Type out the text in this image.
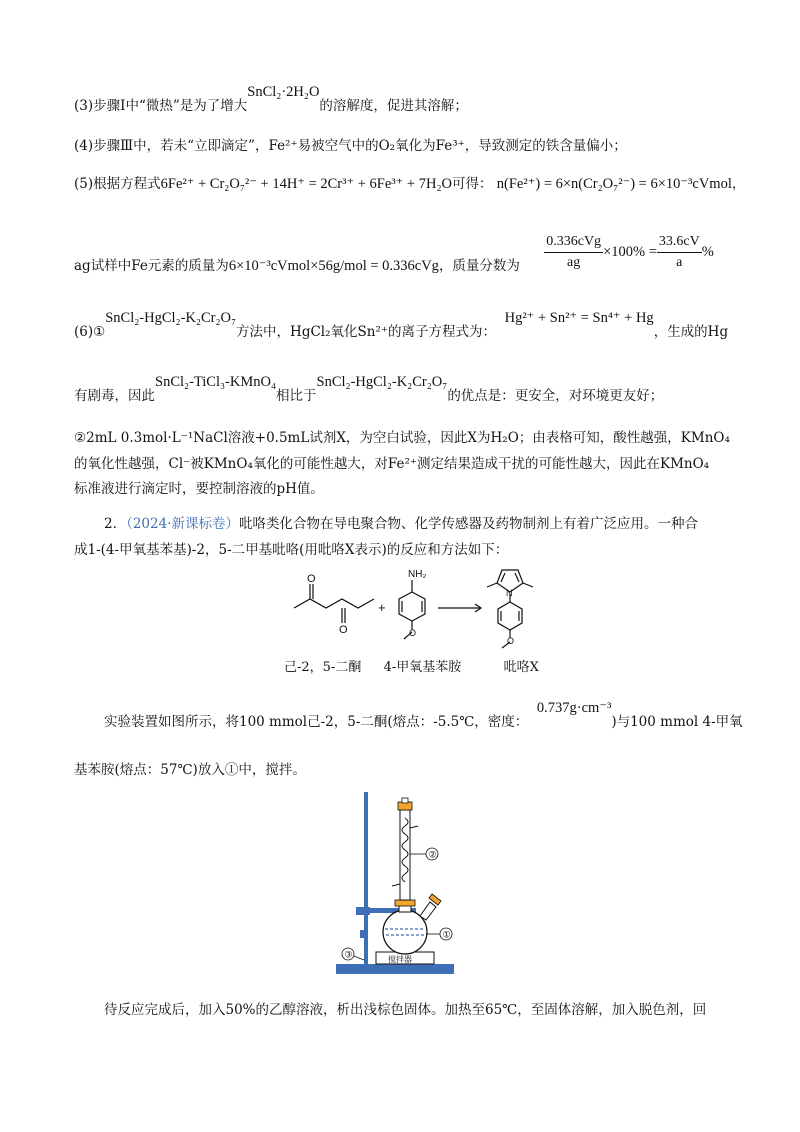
(3)步骤Ⅰ中“微热”是为了增大SnCl₂·2H₂O的溶解度，促进其溶解；
(4)步骤Ⅲ中，若未“立即滴定”，Fe²⁺易被空气中的O₂氧化为Fe³⁺，导致测定的铁含量偏小；
(5)根据方程式6Fe²⁺ + Cr₂O₇²⁻ + 14H⁺ = 2Cr³⁺ + 6Fe³⁺ + 7H₂O可得： n(Fe²⁺) = 6×n(Cr₂O₇²⁻) = 6×10⁻³cVmol，
ag试样中Fe元素的质量为6×10⁻³cVmol×56g/mol = 0.336cVg，质量分数为 $\frac{\text{0.336cVg}}{ag} \times 100\% = \frac{33.6cV}{a}$ %
(6)①SnCl₂-HgCl₂-K₂Cr₂O₇方法中，HgCl₂氧化Sn²⁺的离子方程式为：  Hg²⁺ + Sn²⁺ = Sn⁴⁺ + Hg，生成的Hg
有剧毒，因此SnCl₂-TiCl₃-KMnO₄相比于SnCl₂-HgCl₂-K₂Cr₂O₇的优点是：更安全，对环境更友好；
②2mL 0.3mol·L⁻¹NaCl溶液+0.5mL试剂X，为空白试验，因此X为H₂O；由表格可知，酸性越强，KMnO₄
的氧化性越强，Cl⁻被KMnO₄氧化的可能性越大，对Fe²⁺测定结果造成干扰的可能性越大，因此在KMnO₄
标准液进行滴定时，要控制溶液的pH值。
2．（2024·新课标卷）吡咯类化合物在导电聚合物、化学传感器及药物制剂上有着广泛应用。一种合
成1-(4-甲氧基苯基)-2，5-二甲基吡咯(用吡咯X表示)的反应和方法如下：
O
O
+
NH₂
O
N
O
己-2，5-二酮 4-甲氧基苯胺	吡咯X
实验装置如图所示，将100 mmol己-2，5-二酮(熔点：-5.5℃，密度：  0.737g·cm⁻³)与100 mmol 4-甲氧
基苯胺(熔点：57℃)放入①中，搅拌。
搅拌器
②
①
③
待反应完成后，加入50%的乙醇溶液，析出浅棕色固体。加热至65℃，至固体溶解，加入脱色剂，回
